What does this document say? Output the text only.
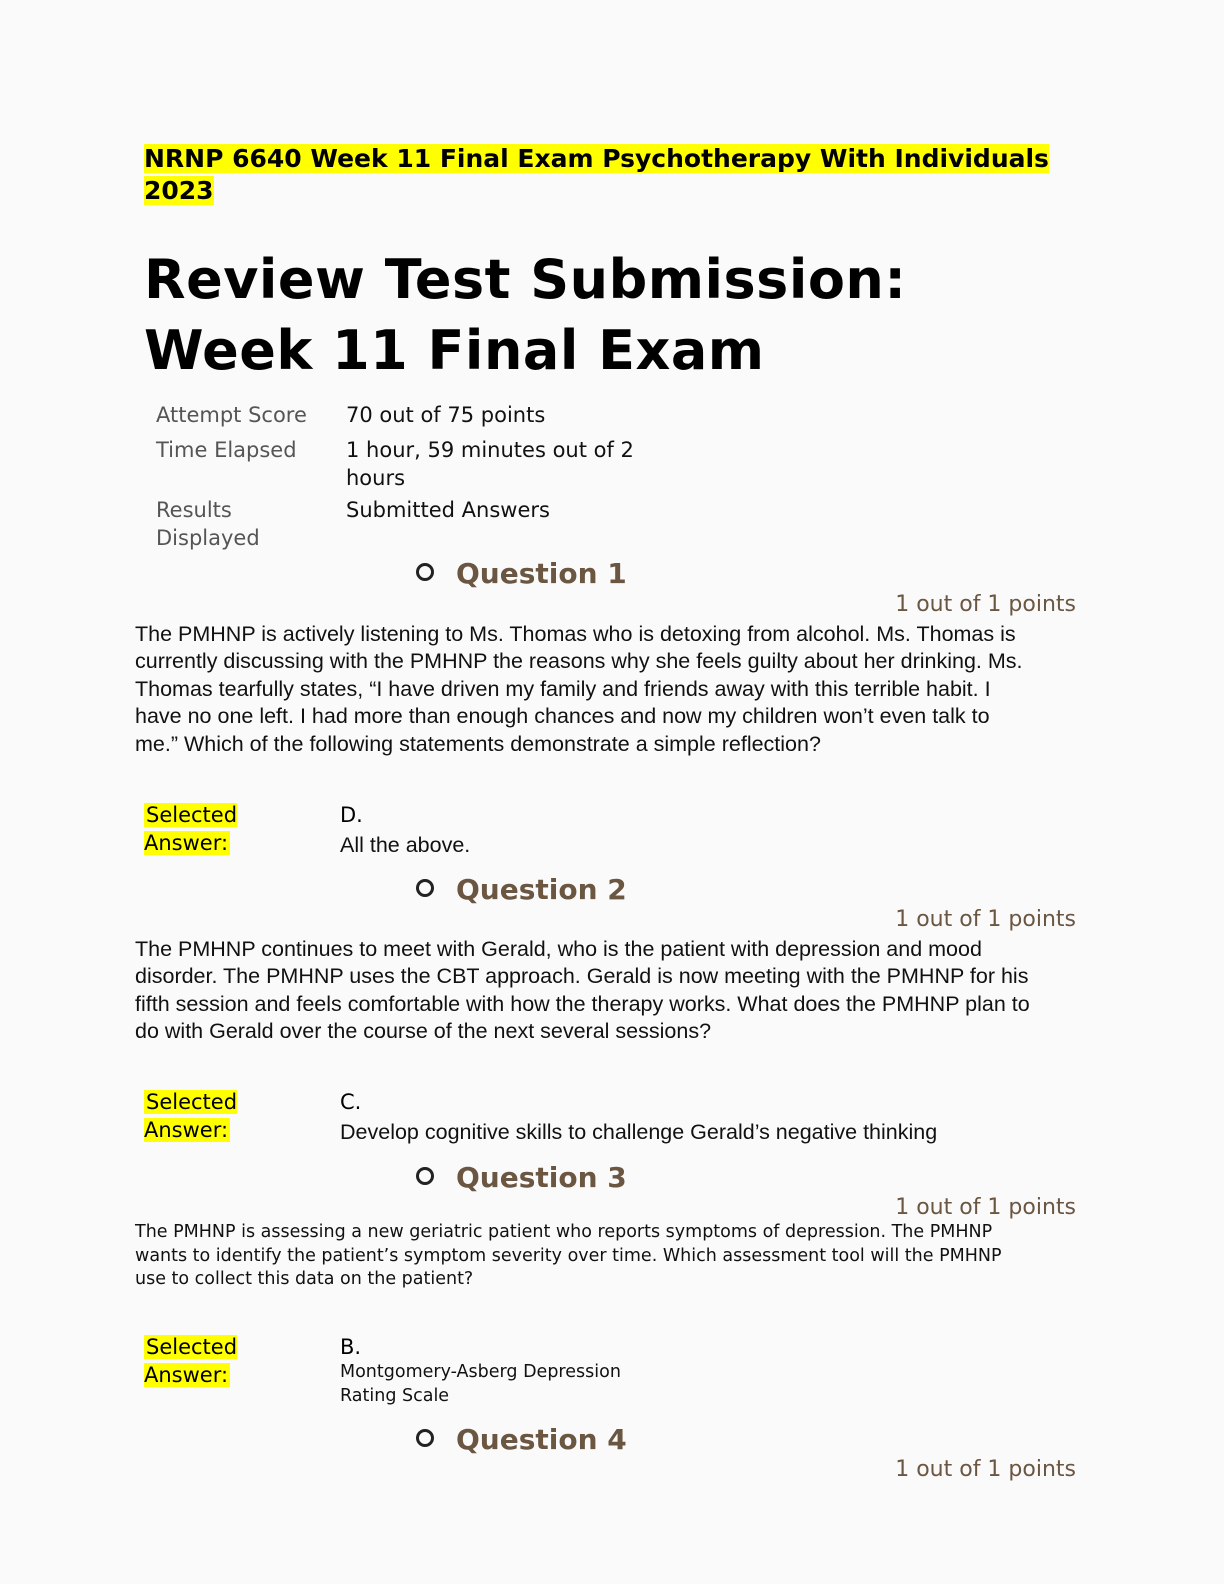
NRNP 6640 Week 11 Final Exam Psychotherapy With Individuals 2023
Review Test Submission: Week 11 Final Exam
Attempt Score	70 out of 75 points
Time Elapsed	1 hour, 59 minutes out of 2 hours
Results Displayed
Submitted Answers
Question 1
1 out of 1 points
The PMHNP is actively listening to Ms. Thomas who is detoxing from alcohol. Ms. Thomas is currently discussing with the PMHNP the reasons why she feels guilty about her drinking. Ms. Thomas tearfully states, “I have driven my family and friends away with this terrible habit. I have no one left. I had more than enough chances and now my children won’t even talk to me.” Which of the following statements demonstrate a simple reflection?
Selected Answer:
D.
All the above.
Question 2
1 out of 1 points
The PMHNP continues to meet with Gerald, who is the patient with depression and mood disorder. The PMHNP uses the CBT approach. Gerald is now meeting with the PMHNP for his fifth session and feels comfortable with how the therapy works. What does the PMHNP plan to do with Gerald over the course of the next several sessions?
Selected Answer:
C.
Develop cognitive skills to challenge Gerald’s negative thinking
Question 3
1 out of 1 points
The PMHNP is assessing a new geriatric patient who reports symptoms of depression. The PMHNP wants to identify the patient’s symptom severity over time. Which assessment tool will the PMHNP use to collect this data on the patient?
Selected Answer:
B.
Montgomery-Asberg Depression Rating Scale
Question 4
1 out of 1 points
